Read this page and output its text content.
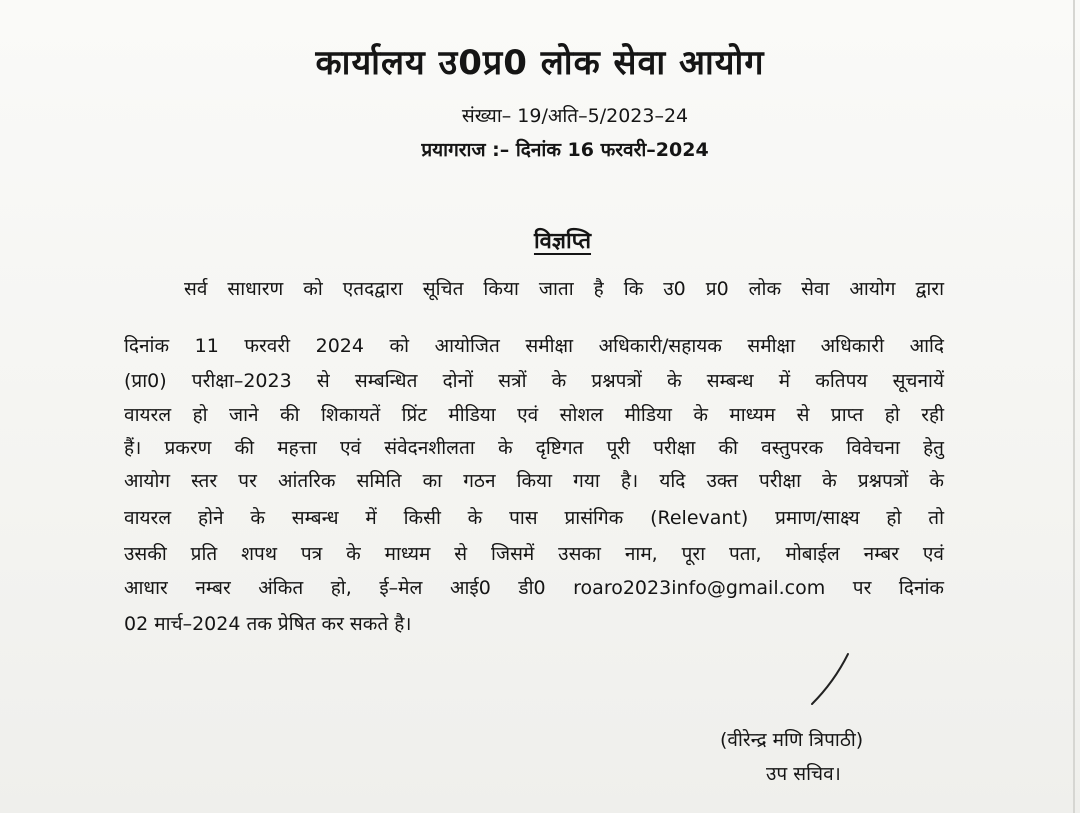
कार्यालय उ0प्र0 लोक सेवा आयोग
संख्या– 19/अति–5/2023–24
प्रयागराज :– दिनांक 16 फरवरी–2024
विज्ञप्ति
सर्व साधारण को एतदद्वारा सूचित किया जाता है कि उ0 प्र0 लोक सेवा आयोग द्वारा
दिनांक 11 फरवरी 2024 को आयोजित समीक्षा अधिकारी/सहायक समीक्षा अधिकारी आदि
(प्रा0) परीक्षा–2023 से सम्बन्धित दोनों सत्रों के प्रश्नपत्रों के सम्बन्ध में कतिपय सूचनायें
वायरल हो जाने की शिकायतें प्रिंट मीडिया एवं सोशल मीडिया के माध्यम से प्राप्त हो रही
हैं। प्रकरण की महत्ता एवं संवेदनशीलता के दृष्टिगत पूरी परीक्षा की वस्तुपरक विवेचना हेतु
आयोग स्तर पर आंतरिक समिति का गठन किया गया है। यदि उक्त परीक्षा के प्रश्नपत्रों के
वायरल होने के सम्बन्ध में किसी के पास प्रासंगिक (Relevant) प्रमाण/साक्ष्य हो तो
उसकी प्रति शपथ पत्र के माध्यम से जिसमें उसका नाम, पूरा पता, मोबाईल नम्बर एवं
आधार नम्बर अंकित हो, ई–मेल आई0 डी0 roaro2023info@gmail.com पर दिनांक
02 मार्च–2024 तक प्रेषित कर सकते है।
(वीरेन्द्र मणि त्रिपाठी)
उप सचिव।
